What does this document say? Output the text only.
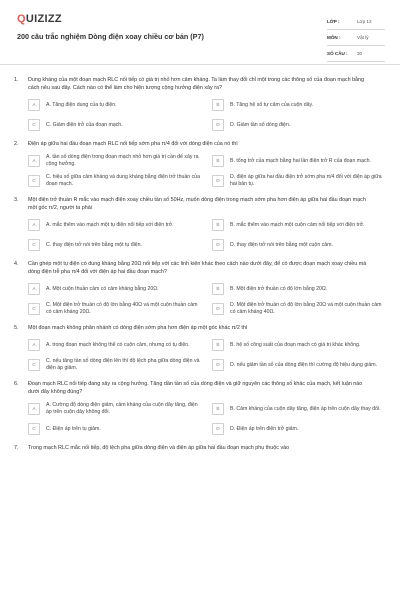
QUIZIZZ
200 câu trắc nghiệm Dòng điện xoay chiều cơ bản (P7)
LỚP :	Lớp 12
MÔN :	Vật lý
SỐ CÂU :	30
1.	Dung kháng của một đoạn mạch RLC nối tiếp có giá trị nhỏ hơn cảm kháng. Ta làm thay đổi chỉ một trong các thông số của đoạn mạch bằng cách nêu sau đây. Cách nào có thể làm cho hiện tượng cộng hưởng điện xảy ra?
A	A. Tăng điện dung của tụ điện.	B	B. Tăng hệ số tự cảm của cuộn dây.
C	C. Giảm điện trở của đoạn mạch.	D	D. Giảm tần số dòng điện.
2.	Điện áp giữa hai đầu đoạn mạch RLC nối tiếp sớm pha π/4 đối với dòng điện của nó thì
A
A. tần số dòng điện trong đoạn mạch nhỏ hơn giá trị cần để xảy ra cộng hưởng.	B	B. tổng trở của mạch bằng hai lần điện trở R của đoạn mạch.
C
C. hiệu số giữa cảm kháng và dung kháng bằng điện trở thuần của đoạn mạch.	D
D. điện áp giữa hai đầu điện trở sớm pha π/4 đối với điện áp giữa hai bản tụ.
3.	Một điện trở thuần R mắc vào mạch điện xoay chiều tần số 50Hz, muốn dòng điện trong mạch sớm pha hơn điện áp giữa hai đầu đoạn mạch một góc π/2, người ta phải
A	A. mắc thêm vào mạch một tụ điện nối tiếp với điện trở.	B	B. mắc thêm vào mạch một cuộn cảm nối tiếp với điện trở.
C	C. thay điện trở nói trên bằng một tụ điện.	D	D. thay điện trở nói trên bằng một cuộn cảm.
4.	Cần ghép một tụ điện có dung kháng bằng 20Ω nối tiếp với các linh kiện khác theo cách nào dưới đây, để có được đoạn mạch xoay chiều mà dòng điện trễ pha π/4 đối với điện áp hai đầu đoạn mạch?
A	A. Một cuộn thuần cảm có cảm kháng bằng 20Ω.	B	B. Một điện trở thuần có độ lớn bằng 20Ω.
C
C. Một điện trở thuần có độ lớn bằng 40Ω và một cuộn thuần cảm có cảm kháng 20Ω.	D
D. Một điện trở thuần có độ lớn bằng 20Ω và một cuộn thuần cảm có cảm kháng 40Ω.
5.	Một đoạn mạch không phân nhánh có dòng điện sớm pha hơn điện áp một góc khác π/2 thì
A	A. trong đoạn mạch không thể có cuộn cảm, nhưng có tụ điện.	B	B. hệ số công suất của đoạn mạch có giá trị khác không.
C
C. nếu tăng tần số dòng điện lên thì độ lệch pha giữa dòng điện và điện áp giảm.	D	D. nếu giảm tần số của dòng điện thì cường độ hiệu dụng giảm.
6.	Đoạn mạch RLC nối tiếp đang xảy ra cộng hưởng. Tăng dần tần số của dòng điện và giữ nguyên các thông số khác của mạch, kết luận nào dưới đây không đúng?
A
A. Cường độ dòng điện giảm, cảm kháng của cuộn dây tăng, điện áp trên cuộn dây không đổi.	B	B. Cảm kháng của cuộn dây tăng, điện áp trên cuộn dây thay đổi.
C	C. Điện áp trên tụ giảm.	D	D. Điện áp trên điện trở giảm.
7.	Trong mạch RLC mắc nối tiếp, độ lệch pha giữa dòng điện và điện áp giữa hai đầu đoạn mạch phụ thuộc vào
